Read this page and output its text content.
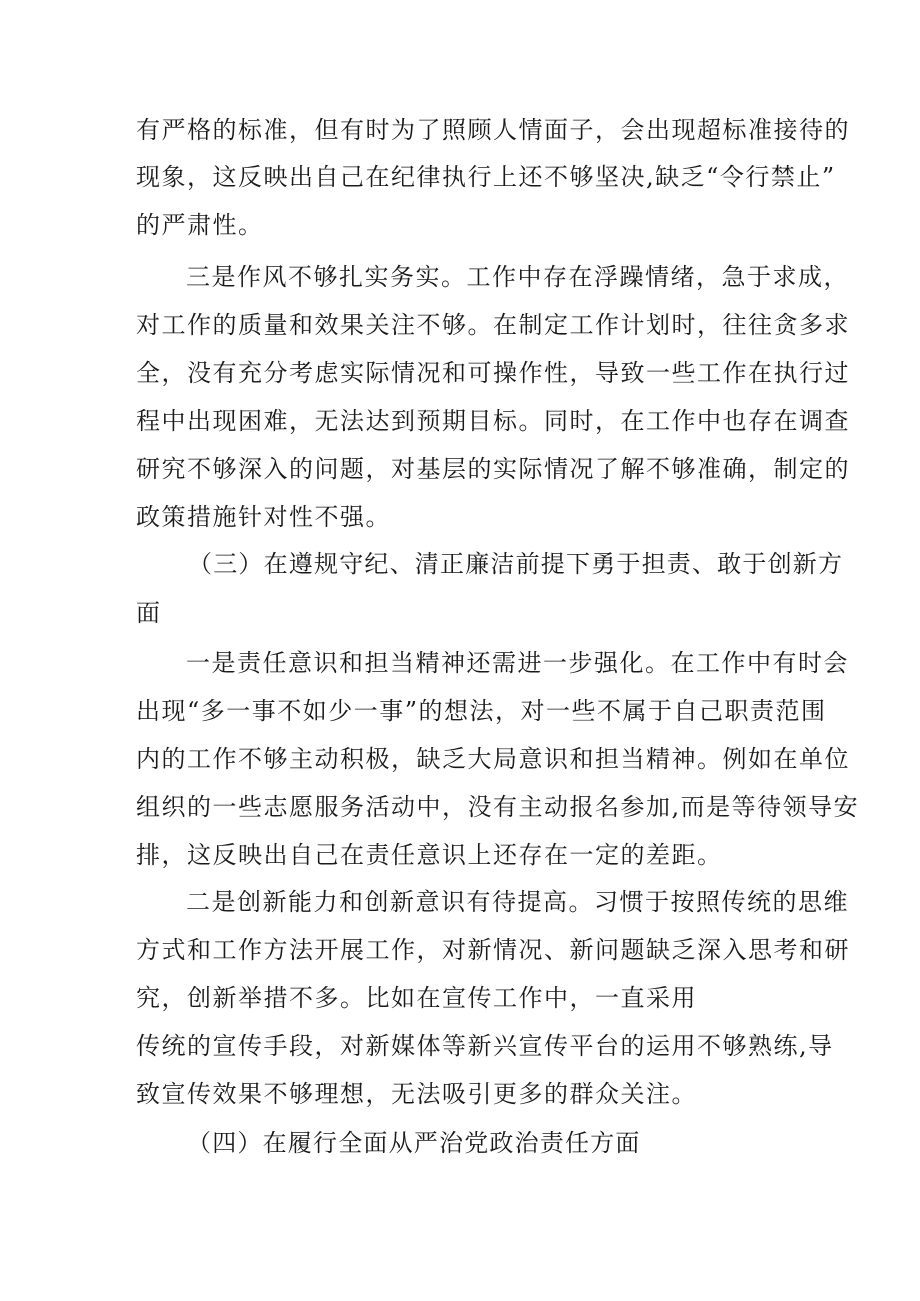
有严格的标准，但有时为了照顾人情面子，会出现超标准接待的
现象，这反映出自己在纪律执行上还不够坚决,缺乏“令行禁止”
的严肃性。
三是作风不够扎实务实。工作中存在浮躁情绪，急于求成，
对工作的质量和效果关注不够。在制定工作计划时，往往贪多求
全，没有充分考虑实际情况和可操作性，导致一些工作在执行过
程中出现困难，无法达到预期目标。同时，在工作中也存在调查
研究不够深入的问题，对基层的实际情况了解不够准确，制定的
政策措施针对性不强。
（三）在遵规守纪、清正廉洁前提下勇于担责、敢于创新方
面
一是责任意识和担当精神还需进一步强化。在工作中有时会
出现“多一事不如少一事”的想法，对一些不属于自己职责范围
内的工作不够主动积极，缺乏大局意识和担当精神。例如在单位
组织的一些志愿服务活动中，没有主动报名参加,而是等待领导安
排，这反映出自己在责任意识上还存在一定的差距。
二是创新能力和创新意识有待提高。习惯于按照传统的思维
方式和工作方法开展工作，对新情况、新问题缺乏深入思考和研
究，创新举措不多。比如在宣传工作中，一直采用
传统的宣传手段，对新媒体等新兴宣传平台的运用不够熟练,导
致宣传效果不够理想，无法吸引更多的群众关注。
（四）在履行全面从严治党政治责任方面
